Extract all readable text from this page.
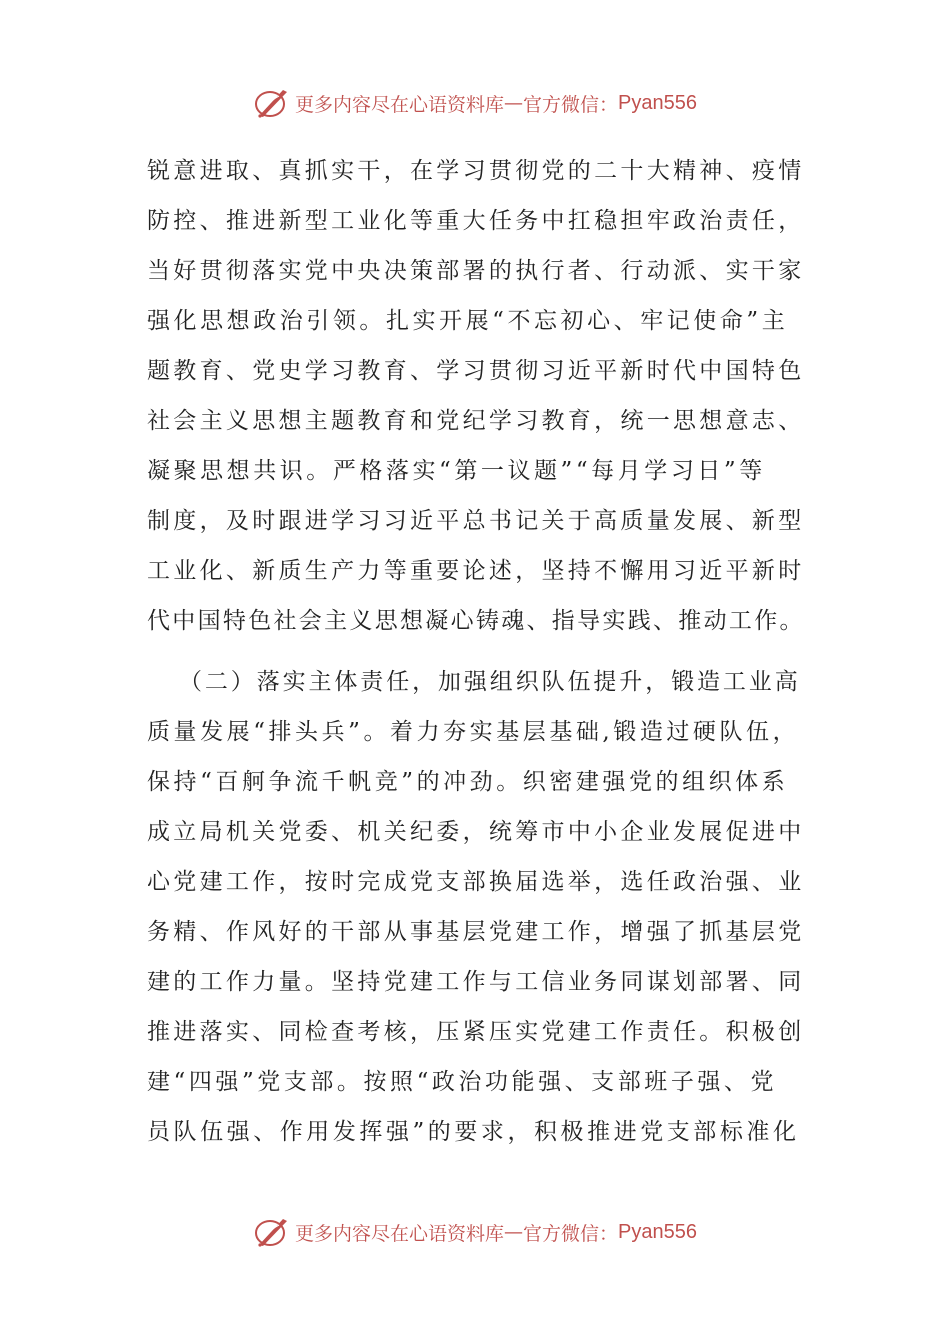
更多内容尽在心语资料库 — 官方微信： Pyan556
锐意进取、真抓实干，在学习贯彻党的二十大精神、疫情
防控、推进新型工业化等重大任务中扛稳担牢政治责任，
当好贯彻落实党中央决策部署的执行者、行动派、实干家
强化思想政治引领。扎实开展“不忘初心、牢记使命”主
题教育、党史学习教育、学习贯彻习近平新时代中国特色
社会主义思想主题教育和党纪学习教育，统一思想意志、
凝聚思想共识。严格落实“第一议题”“每月学习日”等
制度，及时跟进学习习近平总书记关于高质量发展、新型
工业化、新质生产力等重要论述，坚持不懈用习近平新时
代中国特色社会主义思想凝心铸魂、指导实践、推动工作。
（二）落实主体责任，加强组织队伍提升，锻造工业高
质量发展“排头兵”。着力夯实基层基础,锻造过硬队伍，
保持“百舸争流千帆竞”的冲劲。织密建强党的组织体系
成立局机关党委、机关纪委，统筹市中小企业发展促进中
心党建工作，按时完成党支部换届选举，选任政治强、业
务精、作风好的干部从事基层党建工作，增强了抓基层党
建的工作力量。坚持党建工作与工信业务同谋划部署、同
推进落实、同检查考核，压紧压实党建工作责任。积极创
建“四强”党支部。按照“政治功能强、支部班子强、党
员队伍强、作用发挥强”的要求，积极推进党支部标准化
更多内容尽在心语资料库 — 官方微信： Pyan556
